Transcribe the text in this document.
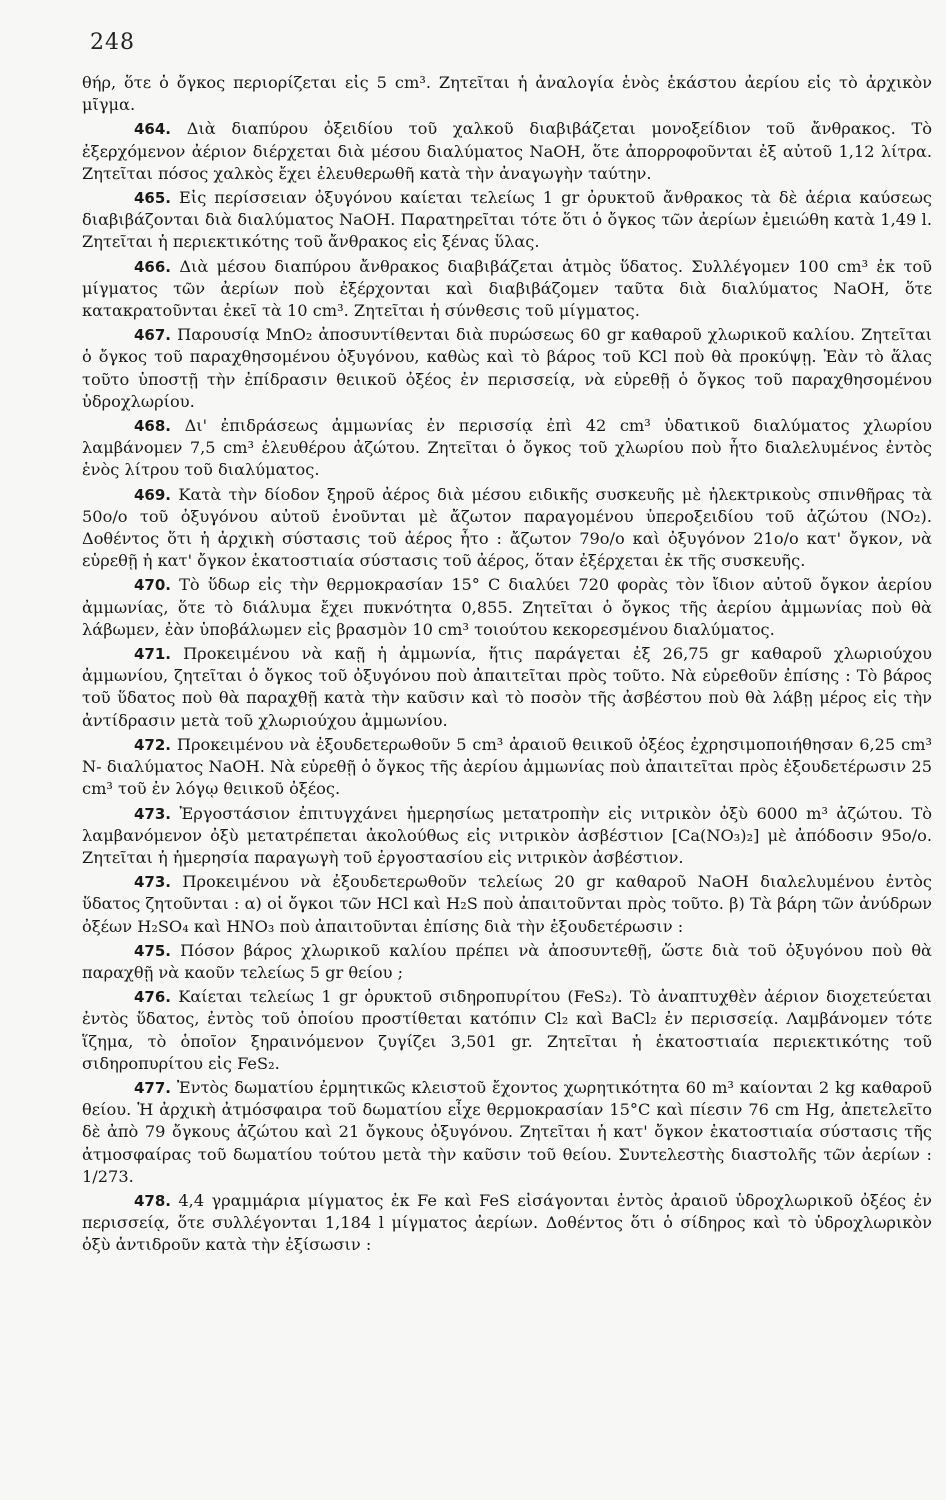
248

θήρ, ὅτε ὁ ὄγκος περιορίζεται εἰς 5 cm³. Ζητεῖται ἡ ἀναλογία ἑνὸς ἑκάστου ἀερίου εἰς τὸ ἀρχικὸν μῖγμα.

464. Διὰ διαπύρου ὀξειδίου τοῦ χαλκοῦ διαβιβάζεται μονοξείδιον τοῦ ἄνθρακος. Τὸ ἐξερχόμενον ἀέριον διέρχεται διὰ μέσου διαλύματος NaOH, ὅτε ἀπορροφοῦνται ἐξ αὐτοῦ 1,12 λίτρα. Ζητεῖται πόσος χαλκὸς ἔχει ἐλευθερωθῆ κατὰ τὴν ἀναγωγὴν ταύτην.

465. Εἰς περίσσειαν ὀξυγόνου καίεται τελείως 1 gr ὀρυκτοῦ ἄνθρακος τὰ δὲ ἀέρια καύσεως διαβιβάζονται διὰ διαλύματος NaOH. Παρατηρεῖται τότε ὅτι ὁ ὄγκος τῶν ἀερίων ἐμειώθη κατὰ 1,49 l. Ζητεῖται ἡ περιεκτικότης τοῦ ἄνθρακος εἰς ξένας ὕλας.

466. Διὰ μέσου διαπύρου ἄνθρακος διαβιβάζεται ἀτμὸς ὕδατος. Συλλέγομεν 100 cm³ ἐκ τοῦ μίγματος τῶν ἀερίων ποὺ ἐξέρχονται καὶ διαβιβάζομεν ταῦτα διὰ διαλύματος NaOH, ὅτε κατακρατοῦνται ἐκεῖ τὰ 10 cm³. Ζητεῖται ἡ σύνθεσις τοῦ μίγματος.

467. Παρουσίᾳ MnO₂ ἀποσυντίθενται διὰ πυρώσεως 60 gr καθαροῦ χλωρικοῦ καλίου. Ζητεῖται ὁ ὄγκος τοῦ παραχθησομένου ὀξυγόνου, καθὼς καὶ τὸ βάρος τοῦ KCl ποὺ θὰ προκύψῃ. Ἐὰν τὸ ἅλας τοῦτο ὑποστῇ τὴν ἐπίδρασιν θειικοῦ ὀξέος ἐν περισσείᾳ, νὰ εὑρεθῇ ὁ ὄγκος τοῦ παραχθησομένου ὑδροχλωρίου.

468. Δι' ἐπιδράσεως ἀμμωνίας ἐν περισσίᾳ ἐπὶ 42 cm³ ὑδατικοῦ διαλύματος χλωρίου λαμβάνομεν 7,5 cm³ ἐλευθέρου ἀζώτου. Ζητεῖται ὁ ὄγκος τοῦ χλωρίου ποὺ ἦτο διαλελυμένος ἐντὸς ἑνὸς λίτρου τοῦ διαλύματος.

469. Κατὰ τὴν δίοδον ξηροῦ ἀέρος διὰ μέσου ειδικῆς συσκευῆς μὲ ἠλεκτρικοὺς σπινθῆρας τὰ 50ο/ο τοῦ ὀξυγόνου αὐτοῦ ἑνοῦνται μὲ ἄζωτον παραγομένου ὑπεροξειδίου τοῦ ἀζώτου (NO₂). Δοθέντος ὅτι ἡ ἀρχικὴ σύστασις τοῦ ἀέρος ἦτο : ἄζωτον 79ο/ο καὶ ὀξυγόνον 21ο/ο κατ' ὄγκον, νὰ εὑρεθῇ ἡ κατ' ὄγκον ἑκατοστιαία σύστασις τοῦ ἀέρος, ὅταν ἐξέρχεται ἐκ τῆς συσκευῆς.

470. Τὸ ὕδωρ εἰς τὴν θερμοκρασίαν 15° C διαλύει 720 φορὰς τὸν ἴδιον αὐτοῦ ὄγκον ἀερίου ἀμμωνίας, ὅτε τὸ διάλυμα ἔχει πυκνότητα 0,855. Ζητεῖται ὁ ὄγκος τῆς ἀερίου ἀμμωνίας ποὺ θὰ λάβωμεν, ἐὰν ὑποβάλωμεν εἰς βρασμὸν 10 cm³ τοιούτου κεκορεσμένου διαλύματος.

471. Προκειμένου νὰ καῇ ἡ ἀμμωνία, ἥτις παράγεται ἐξ 26,75 gr καθαροῦ χλωριούχου ἀμμωνίου, ζητεῖται ὁ ὄγκος τοῦ ὀξυγόνου ποὺ ἀπαιτεῖται πρὸς τοῦτο. Νὰ εὑρεθοῦν ἐπίσης : Τὸ βάρος τοῦ ὕδατος ποὺ θὰ παραχθῇ κατὰ τὴν καῦσιν καὶ τὸ ποσὸν τῆς ἀσβέστου ποὺ θὰ λάβῃ μέρος εἰς τὴν ἀντίδρασιν μετὰ τοῦ χλωριούχου ἀμμωνίου.

472. Προκειμένου νὰ ἐξουδετερωθοῦν 5 cm³ ἀραιοῦ θειικοῦ ὀξέος ἐχρησιμοποιήθησαν 6,25 cm³ N- διαλύματος NaOH. Νὰ εὑρεθῇ ὁ ὄγκος τῆς ἀερίου ἀμμωνίας ποὺ ἀπαιτεῖται πρὸς ἐξουδετέρωσιν 25 cm³ τοῦ ἐν λόγῳ θειικοῦ ὀξέος.

473. Ἐργοστάσιον ἐπιτυγχάνει ἡμερησίως μετατροπὴν εἰς νιτρικὸν ὀξὺ 6000 m³ ἀζώτου. Τὸ λαμβανόμενον ὀξὺ μετατρέπεται ἀκολούθως εἰς νιτρικὸν ἀσβέστιον [Ca(NO₃)₂] μὲ ἀπόδοσιν 95ο/ο. Ζητεῖται ἡ ἡμερησία παραγωγὴ τοῦ ἐργοστασίου εἰς νιτρικὸν ἀσβέστιον.

473. Προκειμένου νὰ ἐξουδετερωθοῦν τελείως 20 gr καθαροῦ NaOH διαλελυμένου ἐντὸς ὕδατος ζητοῦνται : α) οἱ ὄγκοι τῶν HCl καὶ H₂S ποὺ ἀπαιτοῦνται πρὸς τοῦτο. β) Τὰ βάρη τῶν ἀνύδρων ὀξέων H₂SO₄ καὶ HNO₃ ποὺ ἀπαιτοῦνται ἐπίσης διὰ τὴν ἐξουδετέρωσιν :

475. Πόσον βάρος χλωρικοῦ καλίου πρέπει νὰ ἀποσυντεθῇ, ὥστε διὰ τοῦ ὀξυγόνου ποὺ θὰ παραχθῇ νὰ καοῦν τελείως 5 gr θείου ;

476. Καίεται τελείως 1 gr ὀρυκτοῦ σιδηροπυρίτου (FeS₂). Τὸ ἀναπτυχθὲν ἀέριον διοχετεύεται ἐντὸς ὕδατος, ἐντὸς τοῦ ὁποίου προστίθεται κατόπιν Cl₂ καὶ BaCl₂ ἐν περισσείᾳ. Λαμβάνομεν τότε ἵζημα, τὸ ὁποῖον ξηραινόμενον ζυγίζει 3,501 gr. Ζητεῖται ἡ ἑκατοστιαία περιεκτικότης τοῦ σιδηροπυρίτου εἰς FeS₂.

477. Ἐντὸς δωματίου ἐρμητικῶς κλειστοῦ ἔχοντος χωρητικότητα 60 m³ καίονται 2 kg καθαροῦ θείου. Ἡ ἀρχικὴ ἀτμόσφαιρα τοῦ δωματίου εἶχε θερμοκρασίαν 15°C καὶ πίεσιν 76 cm Hg, ἀπετελεῖτο δὲ ἀπὸ 79 ὄγκους ἀζώτου καὶ 21 ὄγκους ὀξυγόνου. Ζητεῖται ἡ κατ' ὄγκον ἑκατοστιαία σύστασις τῆς ἀτμοσφαίρας τοῦ δωματίου τούτου μετὰ τὴν καῦσιν τοῦ θείου. Συντελεστὴς διαστολῆς τῶν ἀερίων : 1/273.

478. 4,4 γραμμάρια μίγματος ἐκ Fe καὶ FeS εἰσάγονται ἐντὸς ἀραιοῦ ὑδροχλωρικοῦ ὀξέος ἐν περισσείᾳ, ὅτε συλλέγονται 1,184 l μίγματος ἀερίων. Δοθέντος ὅτι ὁ σίδηρος καὶ τὸ ὑδροχλωρικὸν ὀξὺ ἀντιδροῦν κατὰ τὴν ἐξίσωσιν :
